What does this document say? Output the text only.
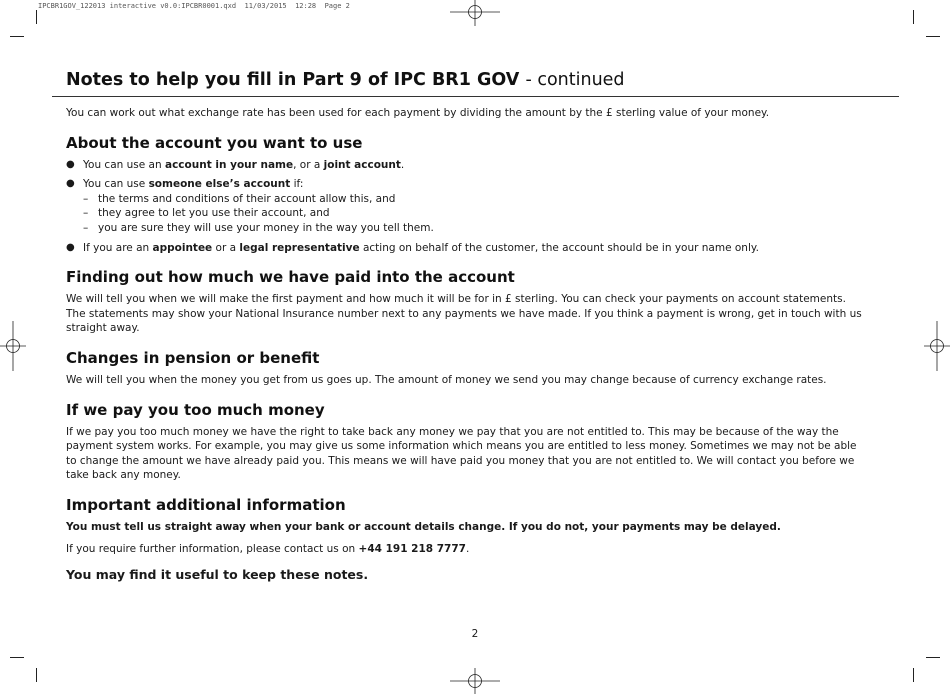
IPCBR1GOV_122013 interactive v0.0:IPCBR0001.qxd  11/03/2015  12:28  Page 2
Notes to help you fill in Part 9 of IPC BR1 GOV - continued

You can work out what exchange rate has been used for each payment by dividing the amount by the £ sterling value of your money.

About the account you want to use
● You can use an account in your name, or a joint account.
● You can use someone else’s account if:
– the terms and conditions of their account allow this, and
– they agree to let you use their account, and
– you are sure they will use your money in the way you tell them.
● If you are an appointee or a legal representative acting on behalf of the customer, the account should be in your name only.
Finding out how much we have paid into the account

We will tell you when we will make the first payment and how much it will be for in £ sterling. You can check your payments on account statements. The statements may show your National Insurance number next to any payments we have made. If you think a payment is wrong, get in touch with us straight away.

Changes in pension or benefit

We will tell you when the money you get from us goes up. The amount of money we send you may change because of currency exchange rates.

If we pay you too much money

If we pay you too much money we have the right to take back any money we pay that you are not entitled to. This may be because of the way the payment system works. For example, you may give us some information which means you are entitled to less money. Sometimes we may not be able to change the amount we have already paid you. This means we will have paid you money that you are not entitled to. We will contact you before we take back any money.

Important additional information

You must tell us straight away when your bank or account details change. If you do not, your payments may be delayed.

If you require further information, please contact us on +44 191 218 7777.

You may find it useful to keep these notes.

2
